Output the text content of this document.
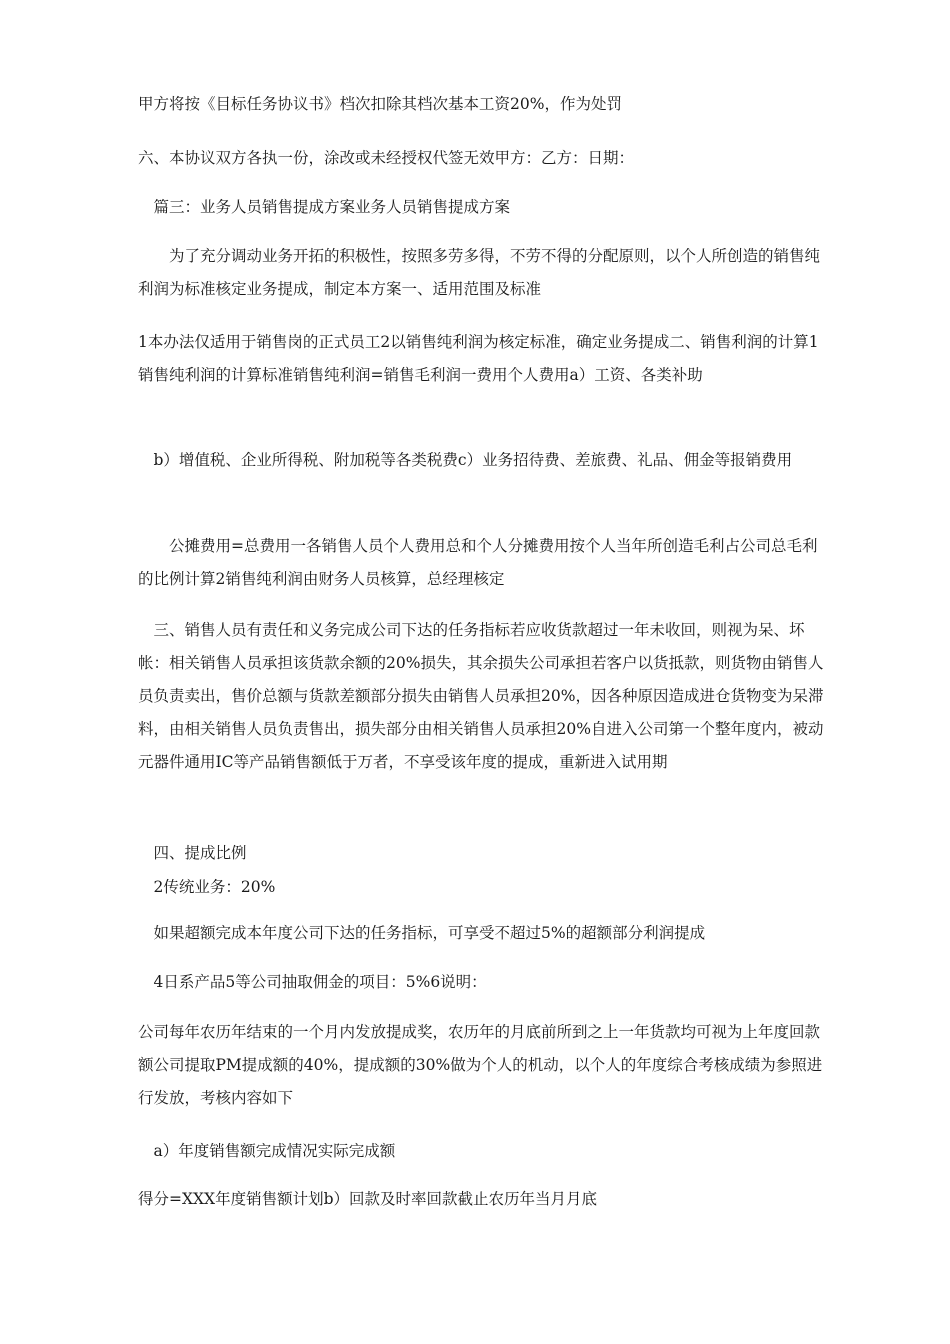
甲方将按《目标任务协议书》档次扣除其档次基本工资20%，作为处罚
六、本协议双方各执一份，涂改或未经授权代签无效甲方：乙方：日期：
　篇三：业务人员销售提成方案业务人员销售提成方案
　　为了充分调动业务开拓的积极性，按照多劳多得，不劳不得的分配原则，以个人所创造的销售纯利润为标准核定业务提成，制定本方案一、适用范围及标准
1本办法仅适用于销售岗的正式员工2以销售纯利润为核定标准，确定业务提成二、销售利润的计算1销售纯利润的计算标准销售纯利润=销售毛利润一费用个人费用a）工资、各类补助
　b）增值税、企业所得税、附加税等各类税费c）业务招待费、差旅费、礼品、佣金等报销费用
　　公摊费用=总费用一各销售人员个人费用总和个人分摊费用按个人当年所创造毛利占公司总毛利的比例计算2销售纯利润由财务人员核算，总经理核定
　三、销售人员有责任和义务完成公司下达的任务指标若应收货款超过一年未收回，则视为呆、坏帐：相关销售人员承担该货款余额的20%损失，其余损失公司承担若客户以货抵款，则货物由销售人员负责卖出，售价总额与货款差额部分损失由销售人员承担20%，因各种原因造成进仓货物变为呆滞料，由相关销售人员负责售出，损失部分由相关销售人员承担20%自进入公司第一个整年度内，被动元器件通用IC等产品销售额低于万者，不享受该年度的提成，重新进入试用期
　四、提成比例
　2传统业务：20%
　如果超额完成本年度公司下达的任务指标，可享受不超过5%的超额部分利润提成
　4日系产品5等公司抽取佣金的项目：5%6说明：
公司每年农历年结束的一个月内发放提成奖，农历年的月底前所到之上一年货款均可视为上年度回款额公司提取PM提成额的40%，提成额的30%做为个人的机动，以个人的年度综合考核成绩为参照进行发放，考核内容如下
　a）年度销售额完成情况实际完成额
得分=XXX年度销售额计划b）回款及时率回款截止农历年当月月底
